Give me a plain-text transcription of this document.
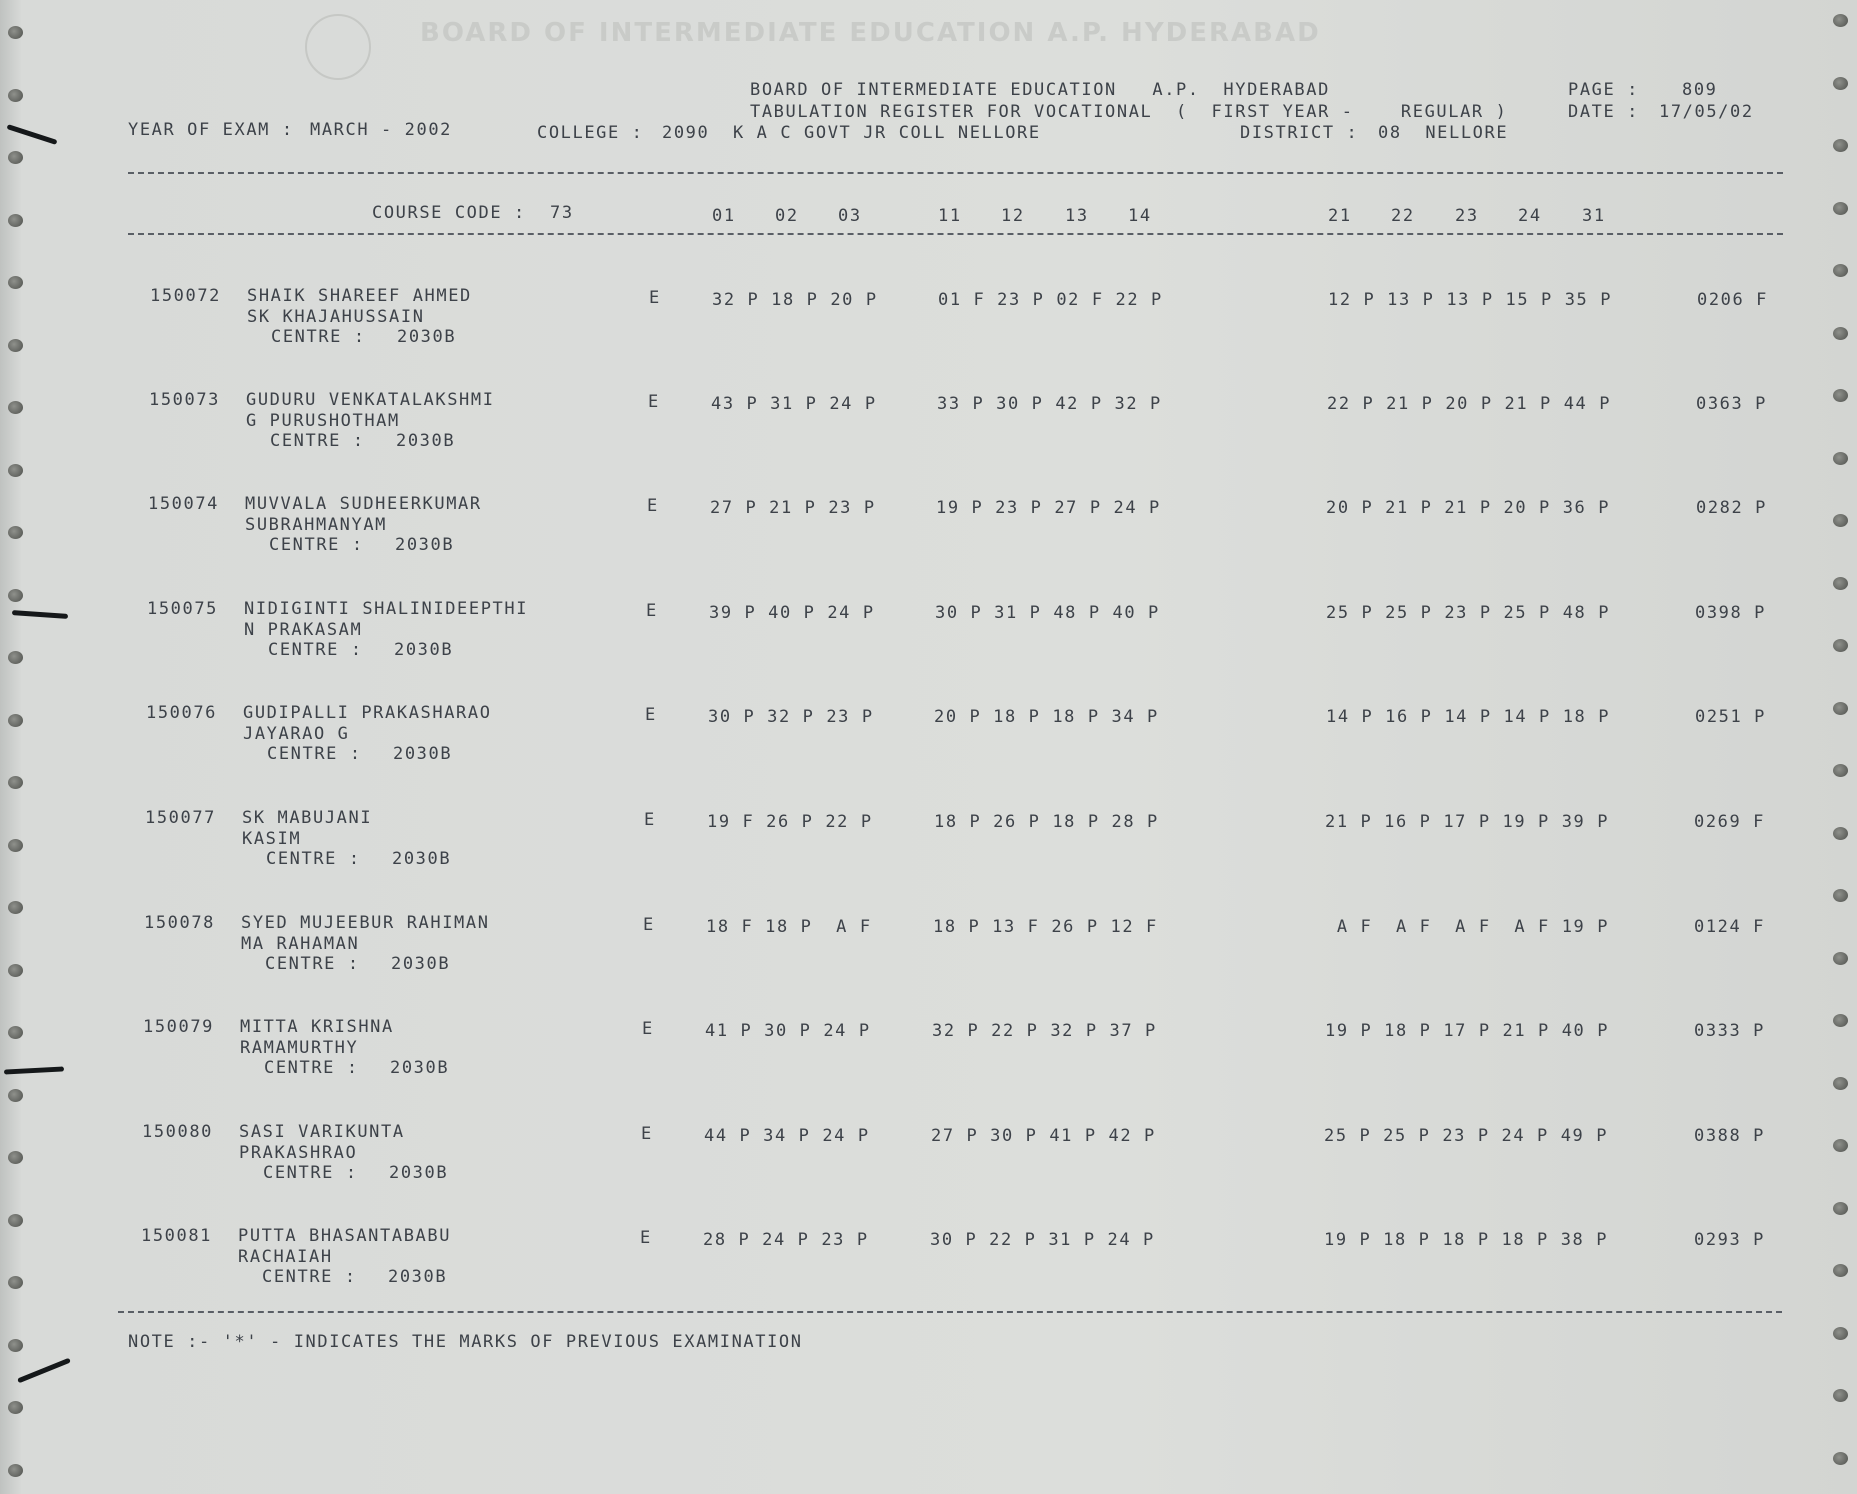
BOARD OF INTERMEDIATE EDUCATION A.P. HYDERABAD
BOARD OF INTERMEDIATE EDUCATION   A.P.  HYDERABAD	PAGE :	809
TABULATION REGISTER FOR VOCATIONAL  (  FIRST YEAR -    REGULAR )	DATE : 17/05/02
YEAR OF EXAM : MARCH - 2002	COLLEGE : 2090  K A C GOVT JR COLL NELLORE	DISTRICT : 08  NELLORE
COURSE CODE : 73	01 02 03	11 12 13 14	21 22 23 24 31
150072 SHAIK SHAREEF AHMED
SK KHAJAHUSSAIN
CENTRE : 2030B
E	32 P 18 P 20 P	01 F 23 P 02 F 22 P	12 P 13 P 13 P 15 P 35 P	0206 F
150073 GUDURU VENKATALAKSHMI
G PURUSHOTHAM
CENTRE : 2030B
E	43 P 31 P 24 P	33 P 30 P 42 P 32 P	22 P 21 P 20 P 21 P 44 P	0363 P
150074 MUVVALA SUDHEERKUMAR
SUBRAHMANYAM
CENTRE : 2030B
E	27 P 21 P 23 P	19 P 23 P 27 P 24 P	20 P 21 P 21 P 20 P 36 P	0282 P
150075 NIDIGINTI SHALINIDEEPTHI
N PRAKASAM
CENTRE : 2030B
E	39 P 40 P 24 P	30 P 31 P 48 P 40 P	25 P 25 P 23 P 25 P 48 P	0398 P
150076 GUDIPALLI PRAKASHARAO
JAYARAO G
CENTRE : 2030B
E	30 P 32 P 23 P	20 P 18 P 18 P 34 P	14 P 16 P 14 P 14 P 18 P	0251 P
150077 SK MABUJANI
KASIM
CENTRE : 2030B
E	19 F 26 P 22 P	18 P 26 P 18 P 28 P	21 P 16 P 17 P 19 P 39 P	0269 F
150078 SYED MUJEEBUR RAHIMAN
MA RAHAMAN
CENTRE : 2030B
E	18 F 18 P  A F	18 P 13 F 26 P 12 F	A F  A F  A F  A F 19 P	0124 F
150079 MITTA KRISHNA
RAMAMURTHY
CENTRE : 2030B
E	41 P 30 P 24 P	32 P 22 P 32 P 37 P	19 P 18 P 17 P 21 P 40 P	0333 P
150080 SASI VARIKUNTA
PRAKASHRAO
CENTRE : 2030B
E	44 P 34 P 24 P	27 P 30 P 41 P 42 P	25 P 25 P 23 P 24 P 49 P	0388 P
150081 PUTTA BHASANTABABU
RACHAIAH
CENTRE : 2030B
E	28 P 24 P 23 P	30 P 22 P 31 P 24 P	19 P 18 P 18 P 18 P 38 P	0293 P
NOTE :- '*' - INDICATES THE MARKS OF PREVIOUS EXAMINATION
